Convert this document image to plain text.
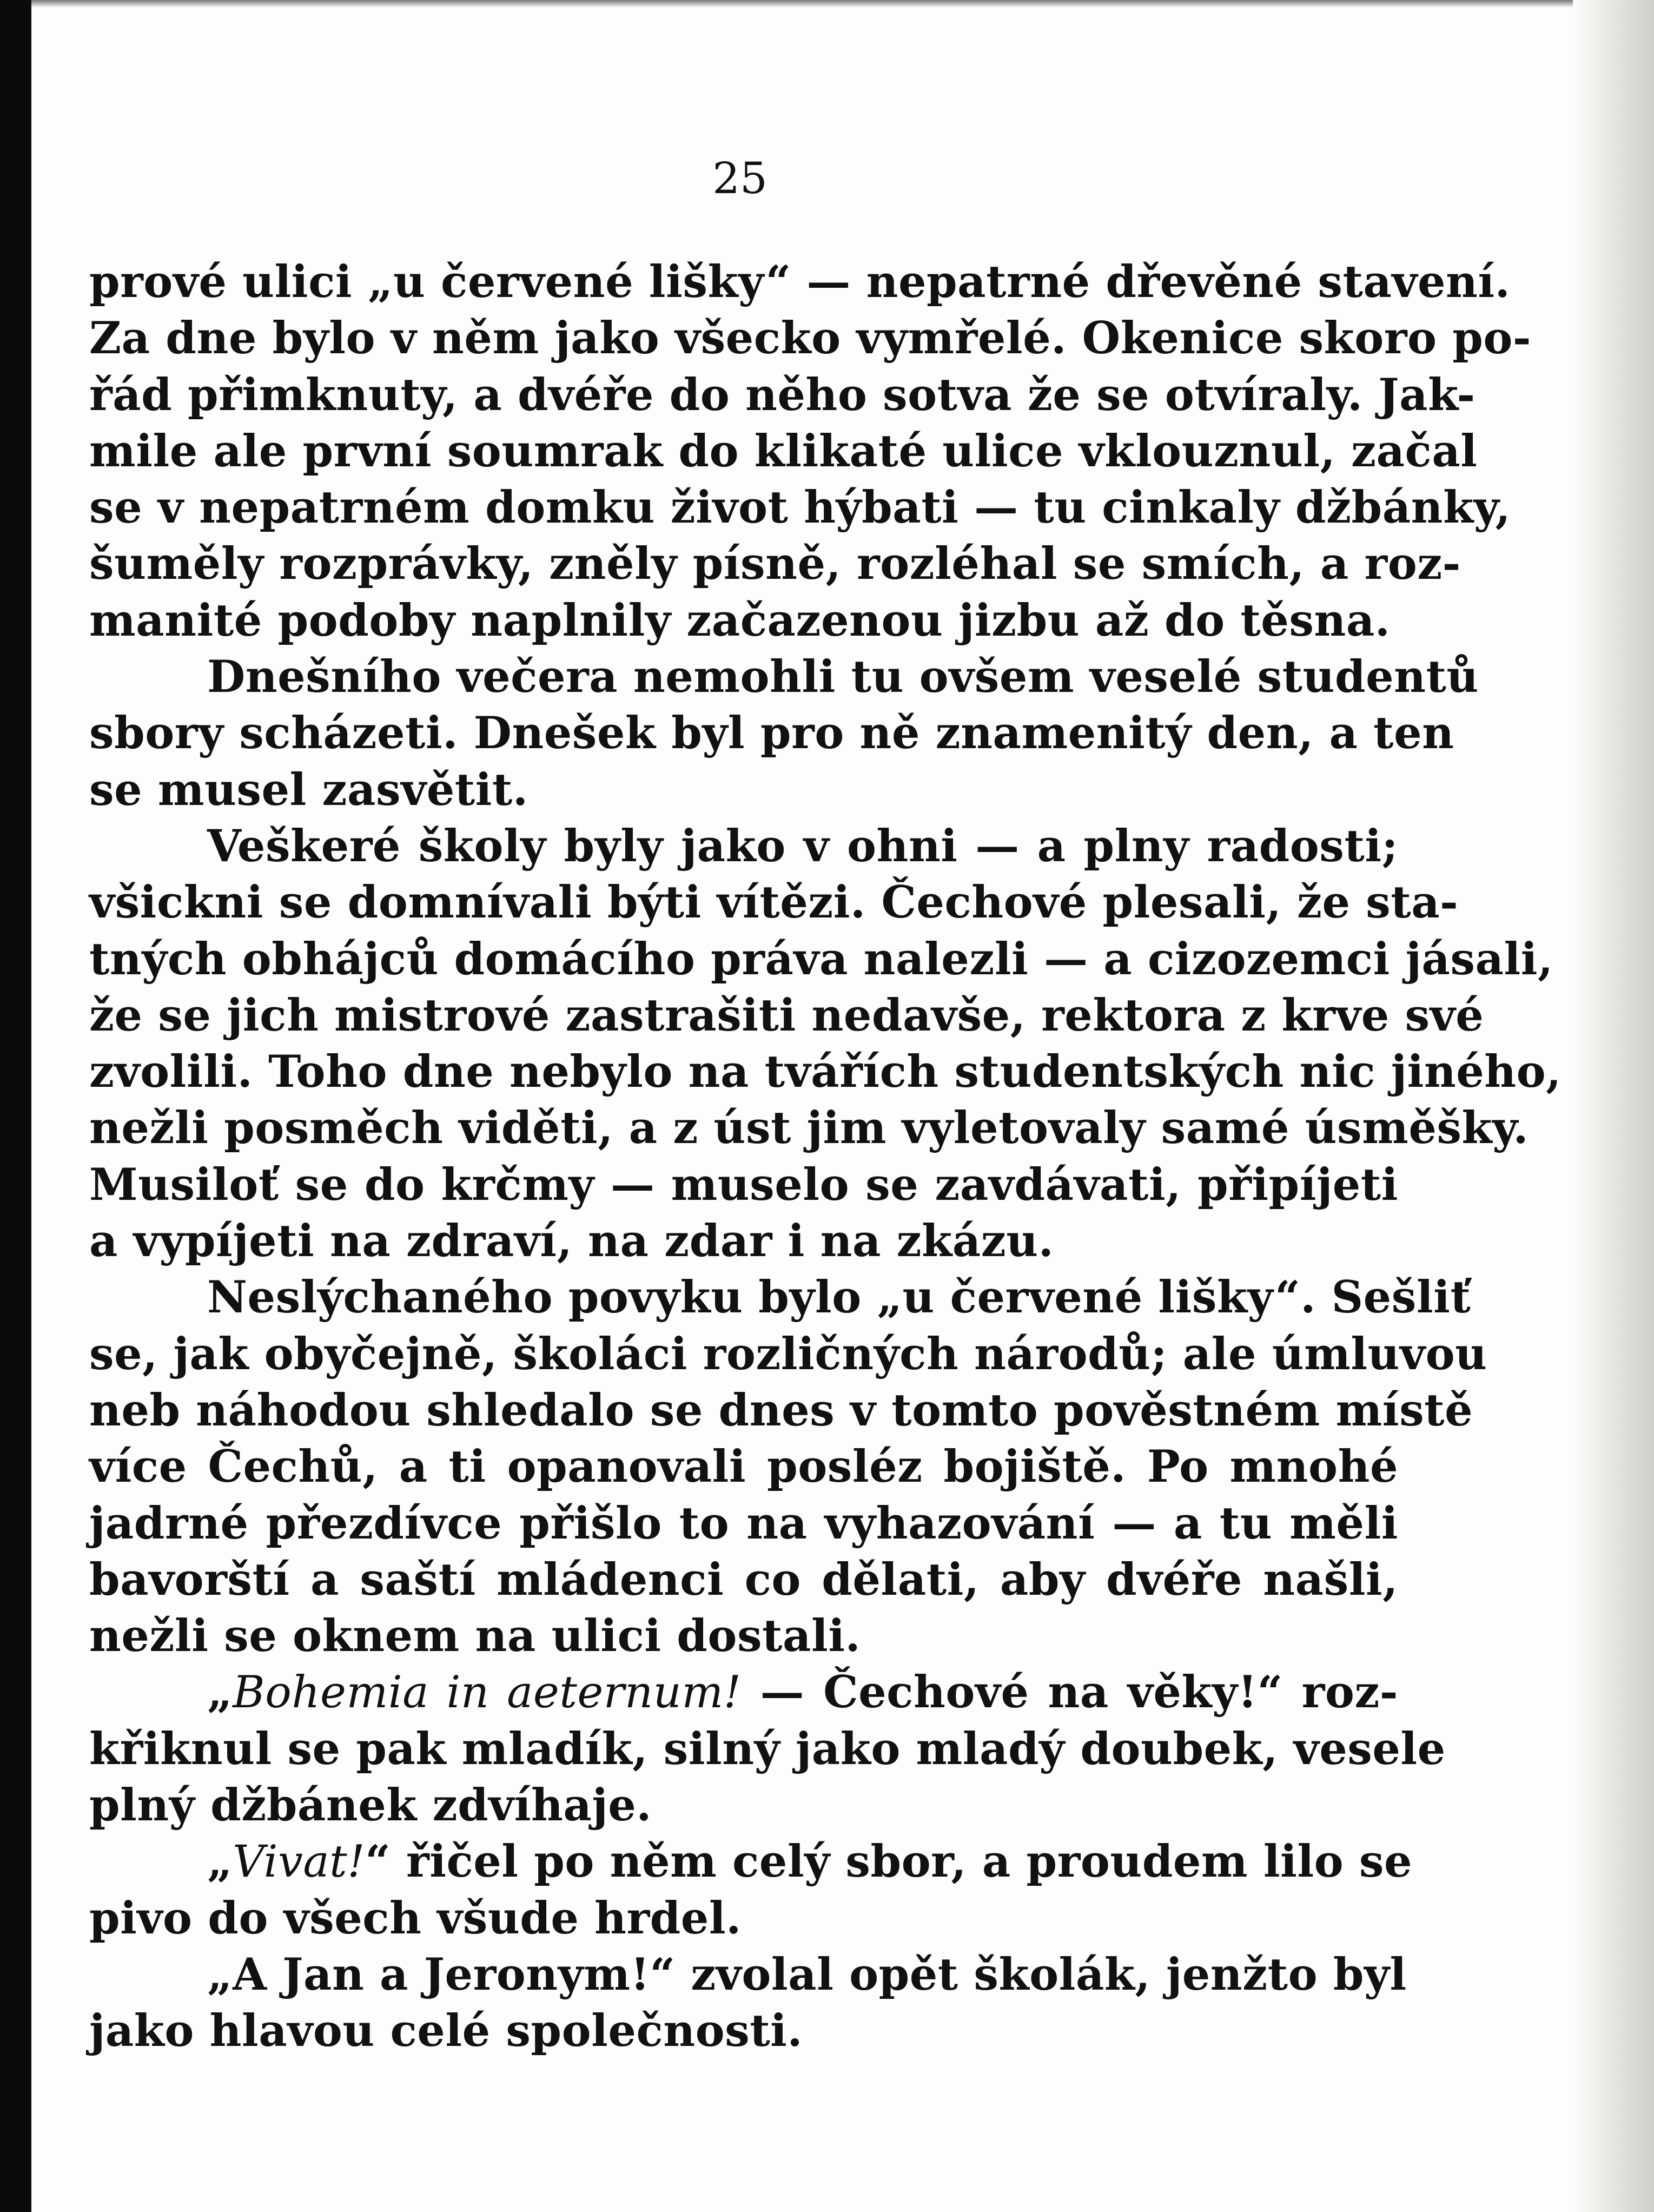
25
prové ulici „u červené lišky“ — nepatrné dřevěné stavení.
Za dne bylo v něm jako všecko vymřelé. Okenice skoro po-
řád přimknuty, a dvéře do něho sotva že se otvíraly. Jak-
mile ale první soumrak do klikaté ulice vklouznul, začal
se v nepatrném domku život hýbati — tu cinkaly džbánky,
šuměly rozprávky, zněly písně, rozléhal se smích, a roz-
manité podoby naplnily začazenou jizbu až do těsna.
Dnešního večera nemohli tu ovšem veselé studentů
sbory scházeti. Dnešek byl pro ně znamenitý den, a ten
se musel zasvětit.
Veškeré školy byly jako v ohni — a plny radosti;
všickni se domnívali býti vítězi. Čechové plesali, že sta-
tných obhájců domácího práva nalezli — a cizozemci jásali,
že se jich mistrové zastrašiti nedavše, rektora z krve své
zvolili. Toho dne nebylo na tvářích studentských nic jiného,
nežli posměch viděti, a z úst jim vyletovaly samé úsměšky.
Musiloť se do krčmy — muselo se zavdávati, připíjeti
a vypíjeti na zdraví, na zdar i na zkázu.
Neslýchaného povyku bylo „u červené lišky“. Sešliť
se, jak obyčejně, školáci rozličných národů; ale úmluvou
neb náhodou shledalo se dnes v tomto pověstném místě
více Čechů, a ti opanovali posléz bojiště. Po mnohé
jadrné přezdívce přišlo to na vyhazování — a tu měli
bavorští a saští mládenci co dělati, aby dvéře našli,
nežli se oknem na ulici dostali.
„Bohemia in aeternum! — Čechové na věky!“ roz-
křiknul se pak mladík, silný jako mladý doubek, vesele
plný džbánek zdvíhaje.
„Vivat!“ řičel po něm celý sbor, a proudem lilo se
pivo do všech všude hrdel.
„A Jan a Jeronym!“ zvolal opět školák, jenžto byl
jako hlavou celé společnosti.
